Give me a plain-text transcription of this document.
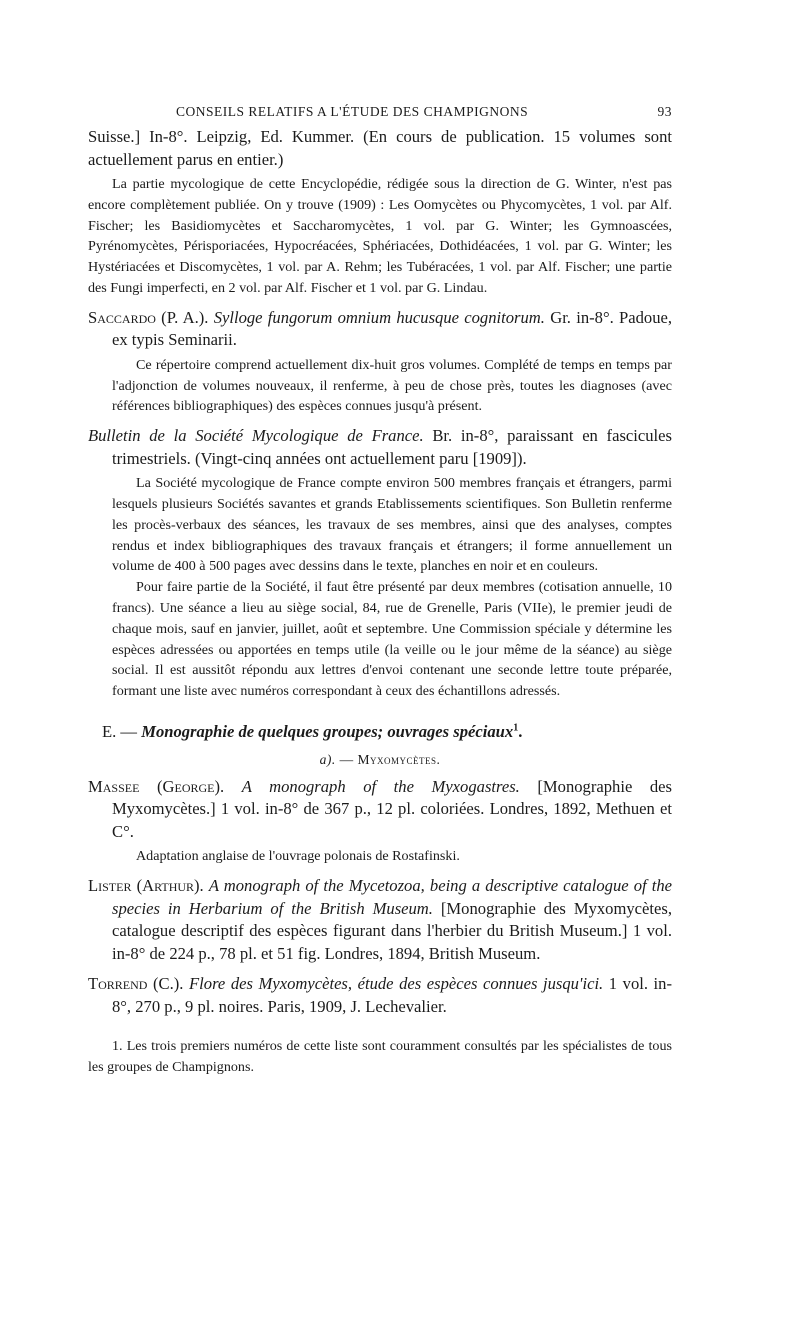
CONSEILS RELATIFS A L'ÉTUDE DES CHAMPIGNONS	93

Suisse.] In-8°. Leipzig, Ed. Kummer. (En cours de publication. 15 volumes sont actuellement parus en entier.)

La partie mycologique de cette Encyclopédie, rédigée sous la direction de G. Winter, n'est pas encore complètement publiée. On y trouve (1909) : Les Oomycètes ou Phycomycètes, 1 vol. par Alf. Fischer; les Basidiomycètes et Saccharomycètes, 1 vol. par G. Winter; les Gymnoascées, Pyrénomycètes, Périsporiacées, Hypocréacées, Sphériacées, Dothidéacées, 1 vol. par G. Winter; les Hystériacées et Discomycètes, 1 vol. par A. Rehm; les Tubéracées, 1 vol. par Alf. Fischer; une partie des Fungi imperfecti, en 2 vol. par Alf. Fischer et 1 vol. par G. Lindau.

Saccardo (P. A.). Sylloge fungorum omnium hucusque cognitorum. Gr. in-8°. Padoue, ex typis Seminarii.

Ce répertoire comprend actuellement dix-huit gros volumes. Complété de temps en temps par l'adjonction de volumes nouveaux, il renferme, à peu de chose près, toutes les diagnoses (avec références bibliographiques) des espèces connues jusqu'à présent.

Bulletin de la Société Mycologique de France. Br. in-8°, paraissant en fascicules trimestriels. (Vingt-cinq années ont actuellement paru [1909]).

La Société mycologique de France compte environ 500 membres français et étrangers, parmi lesquels plusieurs Sociétés savantes et grands Etablissements scientifiques. Son Bulletin renferme les procès-verbaux des séances, les travaux de ses membres, ainsi que des analyses, comptes rendus et index bibliographiques des travaux français et étrangers; il forme annuellement un volume de 400 à 500 pages avec dessins dans le texte, planches en noir et en couleurs.

Pour faire partie de la Société, il faut être présenté par deux membres (cotisation annuelle, 10 francs). Une séance a lieu au siège social, 84, rue de Grenelle, Paris (VIIe), le premier jeudi de chaque mois, sauf en janvier, juillet, août et septembre. Une Commission spéciale y détermine les espèces adressées ou apportées en temps utile (la veille ou le jour même de la séance) au siège social. Il est aussitôt répondu aux lettres d'envoi contenant une seconde lettre toute préparée, formant une liste avec numéros correspondant à ceux des échantillons adressés.

E. — Monographie de quelques groupes; ouvrages spéciaux$^1$.
a). — Myxomycètes.

Massee (George). A monograph of the Myxogastres. [Monographie des Myxomycètes.] 1 vol. in-8° de 367 p., 12 pl. coloriées. Londres, 1892, Methuen et C°.

Adaptation anglaise de l'ouvrage polonais de Rostafinski.

Lister (Arthur). A monograph of the Mycetozoa, being a descriptive catalogue of the species in Herbarium of the British Museum. [Monographie des Myxomycètes, catalogue descriptif des espèces figurant dans l'herbier du British Museum.] 1 vol. in-8° de 224 p., 78 pl. et 51 fig. Londres, 1894, British Museum.

Torrend (C.). Flore des Myxomycètes, étude des espèces connues jusqu'ici. 1 vol. in-8°, 270 p., 9 pl. noires. Paris, 1909, J. Lechevalier.

1. Les trois premiers numéros de cette liste sont couramment consultés par les spécialistes de tous les groupes de Champignons.
